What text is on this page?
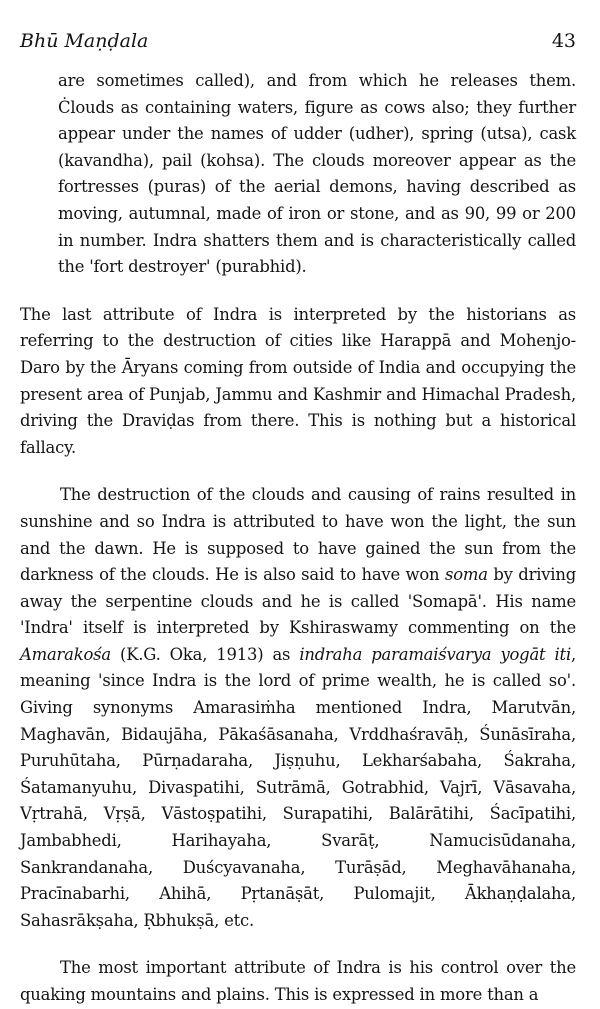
Bhū Maṇḍala	43

are sometimes called), and from which he releases them. Ċlouds as containing waters, figure as cows also; they further appear under the names of udder (udher), spring (utsa), cask (kavandha), pail (kohsa). The clouds moreover appear as the fortresses (puras) of the aerial demons, having described as moving, autumnal, made of iron or stone, and as 90, 99 or 200 in number. Indra shatters them and is characteristically called the 'fort destroyer' (purabhid).

The last attribute of Indra is interpreted by the historians as referring to the destruction of cities like Harappā and Mohenjo-Daro by the Āryans coming from outside of India and occupying the present area of Punjab, Jammu and Kashmir and Himachal Pradesh, driving the Draviḍas from there. This is nothing but a historical fallacy.

The destruction of the clouds and causing of rains resulted in sunshine and so Indra is attributed to have won the light, the sun and the dawn. He is supposed to have gained the sun from the darkness of the clouds. He is also said to have won soma by driving away the serpentine clouds and he is called 'Somapā'. His name 'Indra' itself is interpreted by Kshiraswamy commenting on the Amarakośa (K.G. Oka, 1913) as indraha paramaiśvarya yogāt iti, meaning 'since Indra is the lord of prime wealth, he is called so'. Giving synonyms Amarasiṁha mentioned Indra, Marutvān, Maghavān, Bidaujāha, Pākaśāsanaha, Vrddhaśravāḥ, Śunāsīraha, Puruhūtaha, Pūrṇadaraha, Jiṣṇuhu, Lekharśabaha, Śakraha, Śatamanyuhu, Divaspatihi, Sutrāmā, Gotrabhid, Vajrī, Vāsavaha, Vṛtrahā, Vṛṣā, Vāstoṣpatihi, Surapatihi, Balārātihi, Śacīpatihi, Jambabhedi, Harihayaha, Svarāṭ, Namucisūdanaha, Sankrandanaha, Duścyavanaha, Turāṣād, Meghavāhanaha, Pracīnabarhi, Ahihā, Pṛtanāṣāt, Pulomajit, Ākhaṇḍalaha, Sahasrākṣaha, Ṛbhukṣā, etc.

The most important attribute of Indra is his control over the quaking mountains and plains. This is expressed in more than a
